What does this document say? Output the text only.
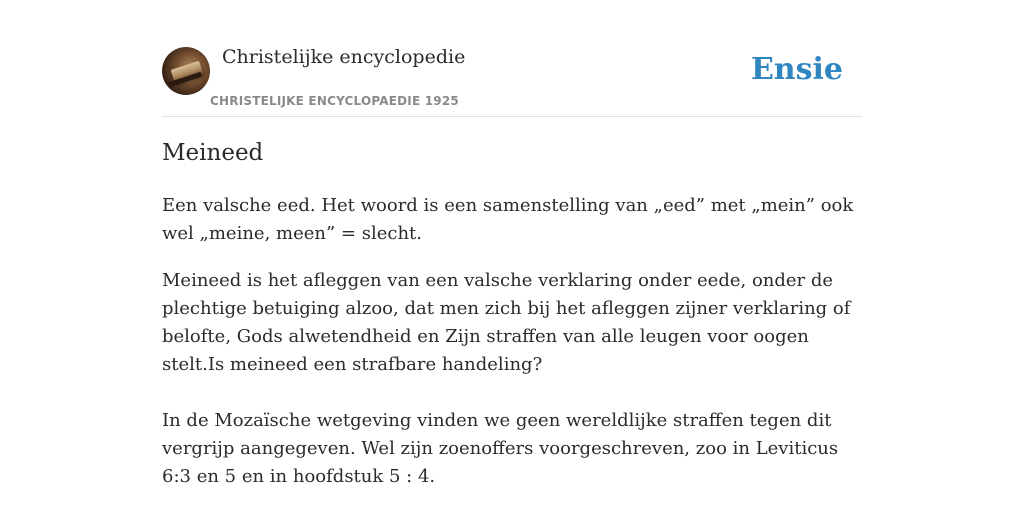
Christelijke encyclopedie
CHRISTELIJKE ENCYCLOPAEDIE 1925
Ensie
Meineed

Een valsche eed. Het woord is een samenstelling van „eed” met „mein” ook wel „meine, meen” = slecht.

Meineed is het afleggen van een valsche verklaring onder eede, onder de plechtige betuiging alzoo, dat men zich bij het afleggen zijner verklaring of belofte, Gods alwetendheid en Zijn straffen van alle leugen voor oogen stelt.Is meineed een strafbare handeling?

In de Mozaïsche wetgeving vinden we geen wereldlijke straffen tegen dit vergrijp aangegeven. Wel zijn zoenoffers voorgeschreven, zoo in Leviticus 6:3 en 5 en in hoofdstuk 5 : 4.
